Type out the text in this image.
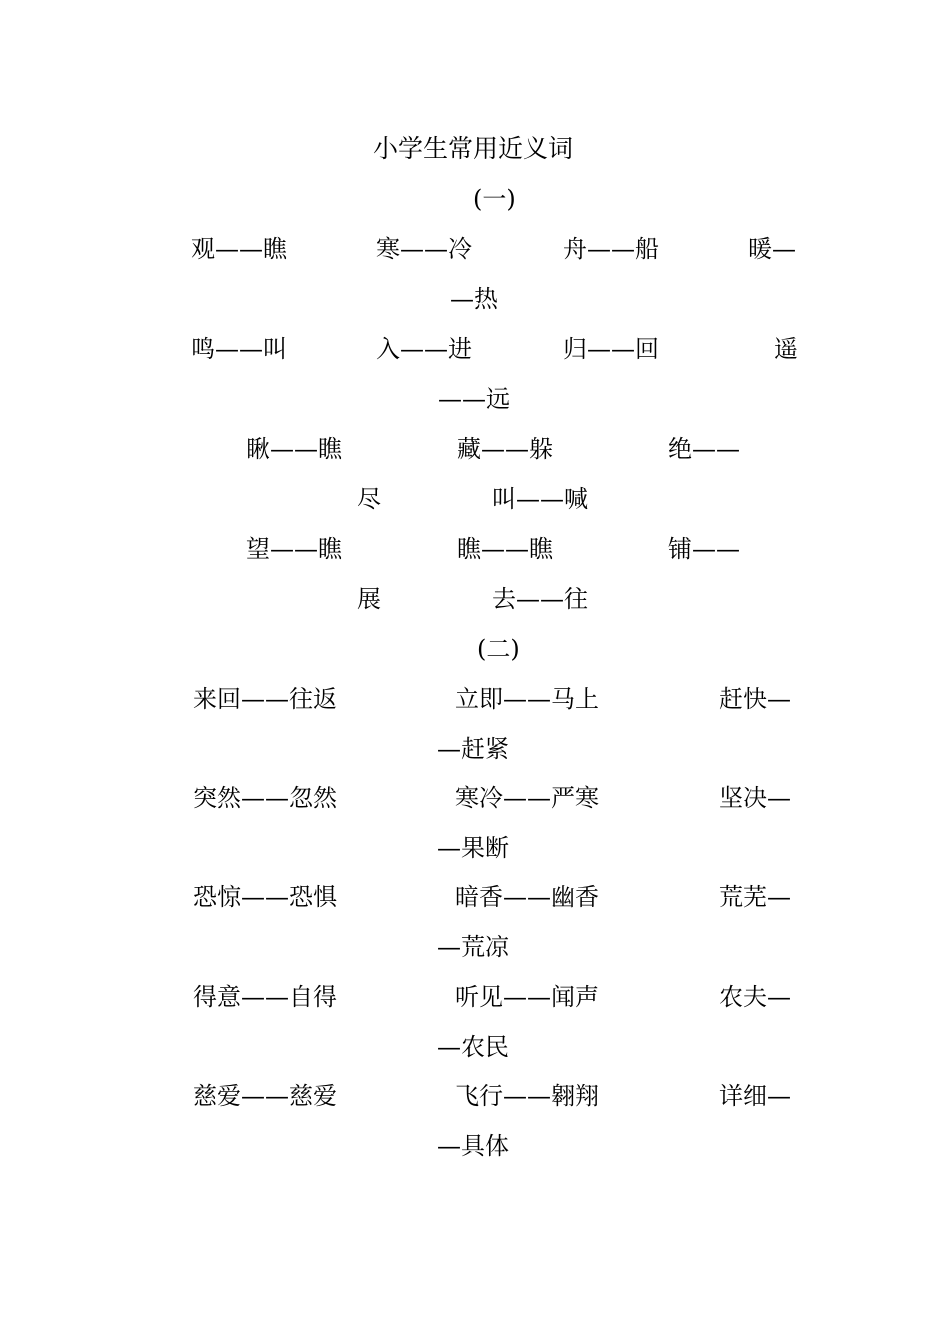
小学生常用近义词
(一)
观——瞧	寒——冷	舟——船	暖—
—热
鸣——叫	入——进	归——回	遥
——远
瞅——瞧	藏——躲	绝——
尽	叫——喊
望——瞧	瞧——瞧	铺——
展	去——往
(二)
来回——往返	立即——马上	赶快—
—赶紧
突然——忽然	寒冷——严寒	坚决—
—果断
恐惊——恐惧	暗香——幽香	荒芜—
—荒凉
得意——自得	听见——闻声	农夫—
—农民
慈爱——慈爱	飞行——翱翔	详细—
—具体
